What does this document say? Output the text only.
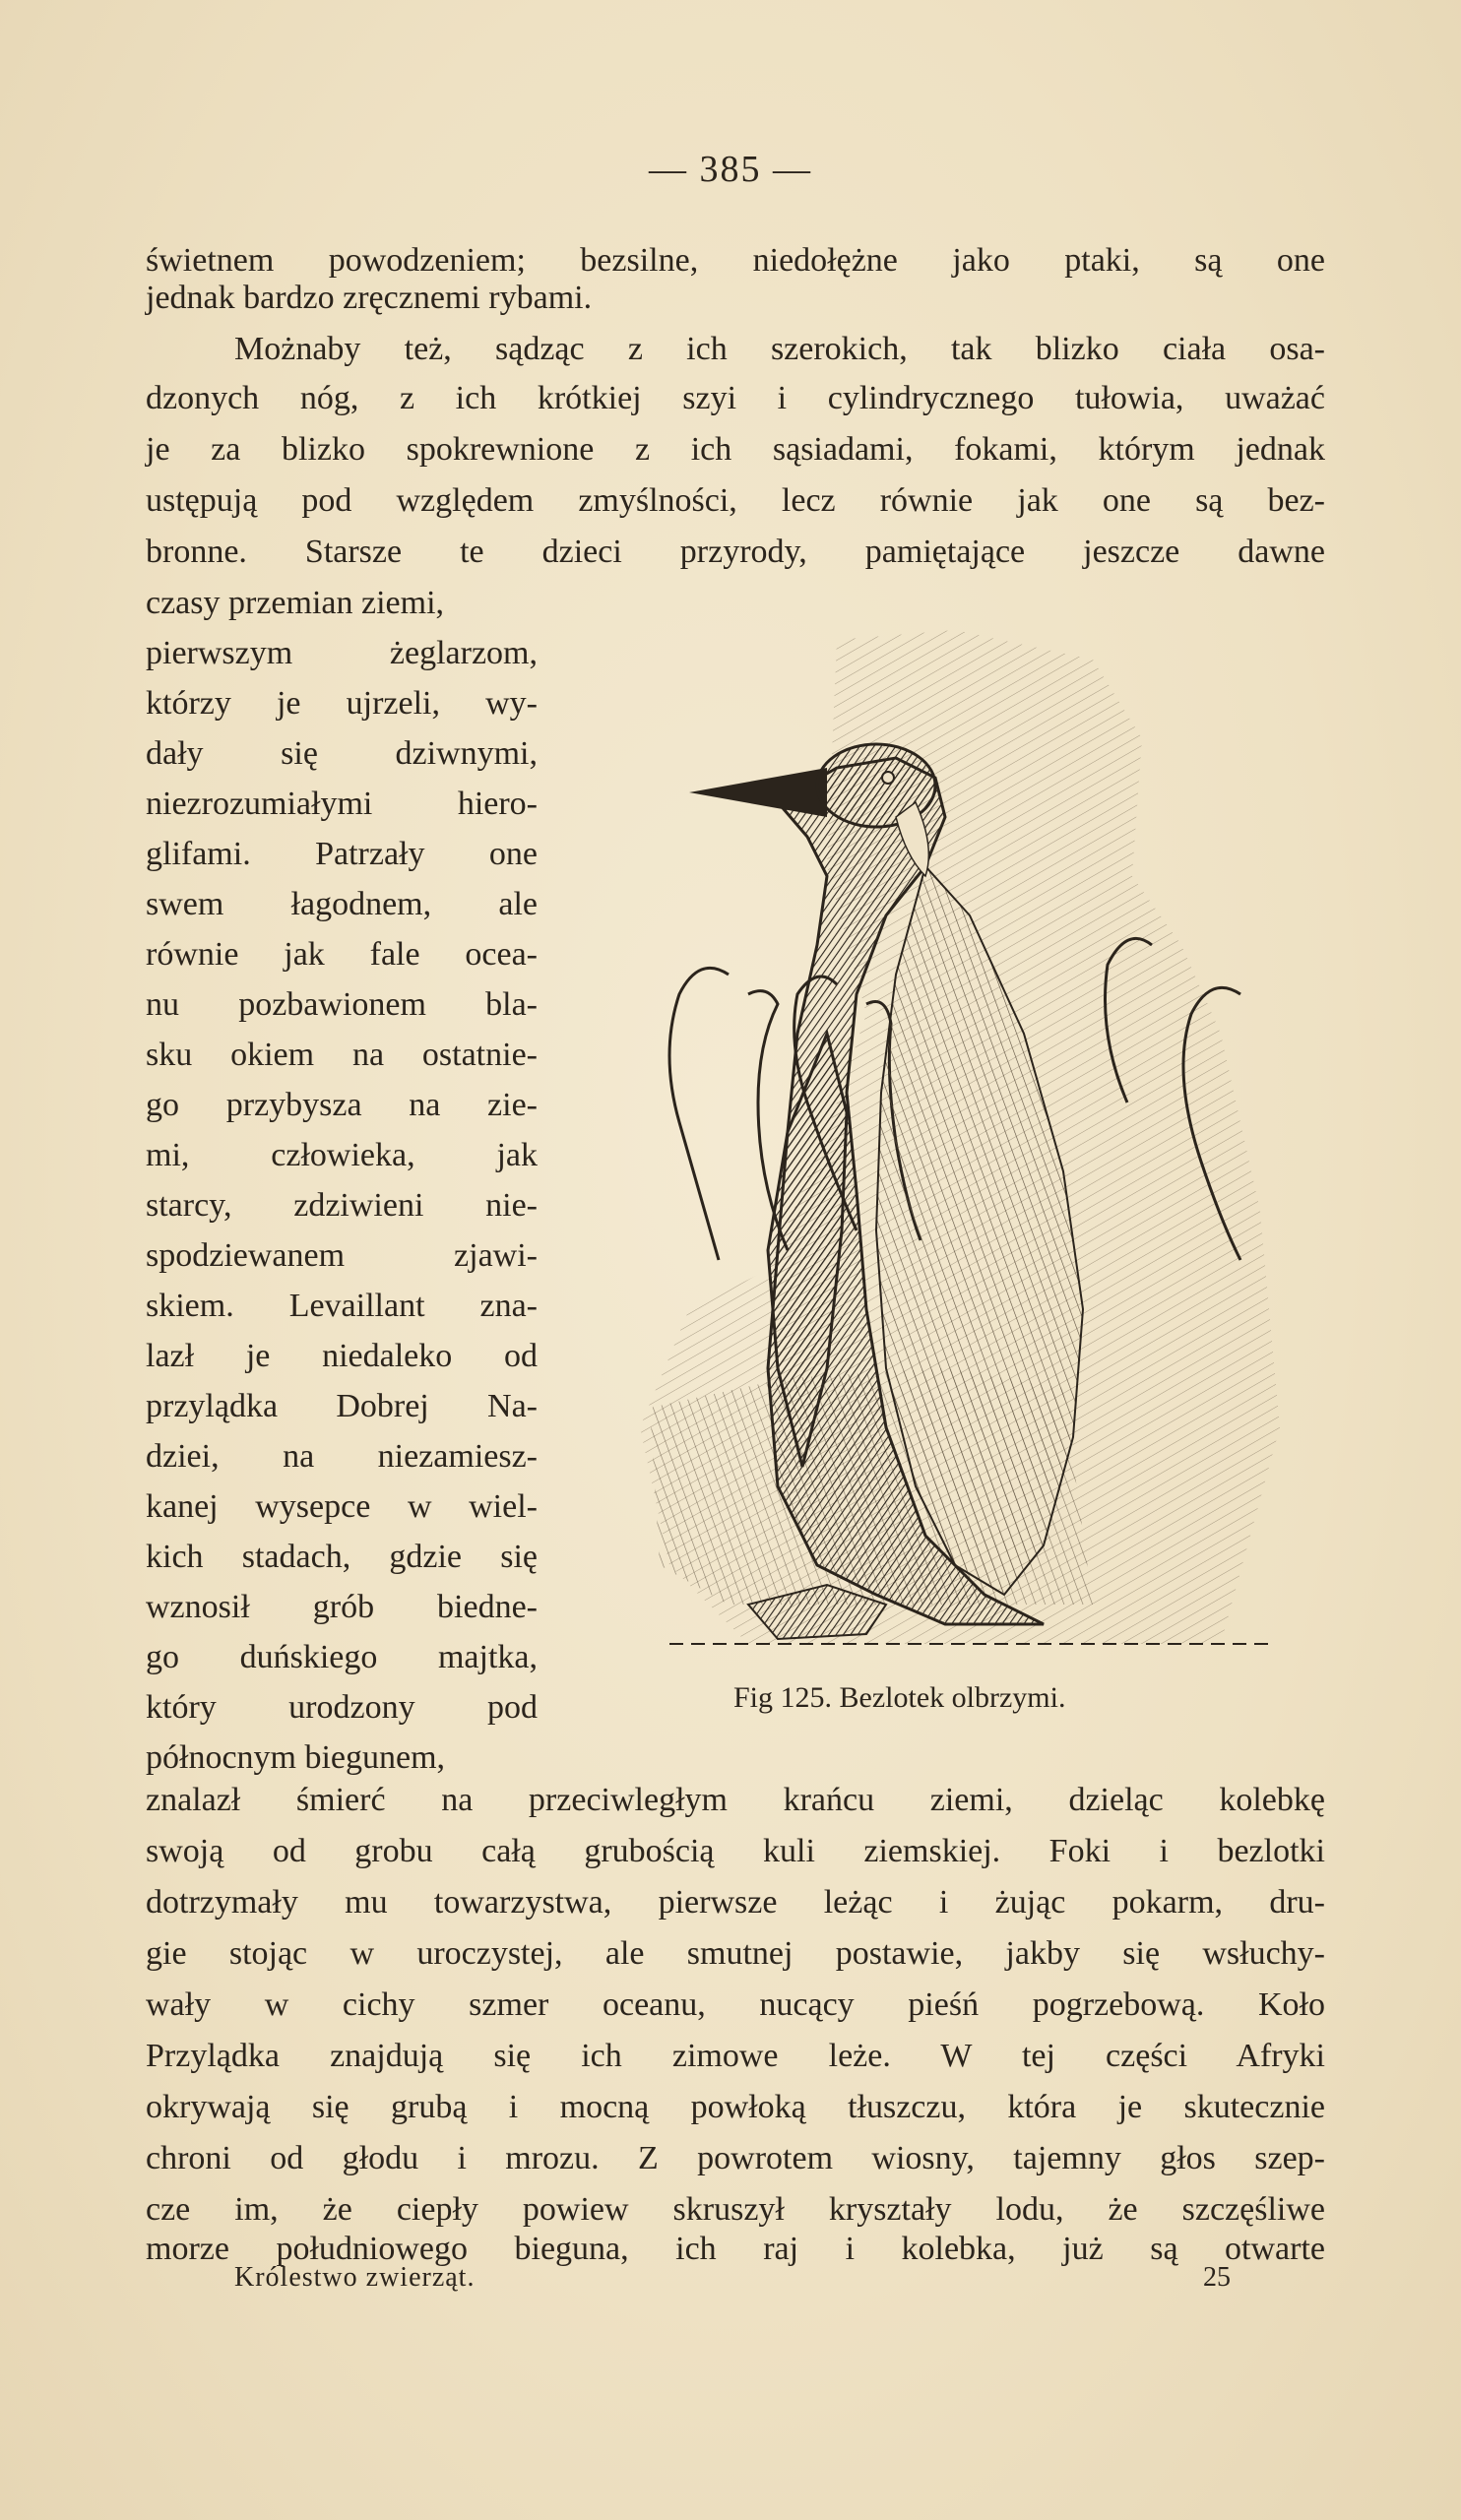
— 385 —
świetnem powodzeniem; bezsilne, niedołężne jako ptaki, są one
jednak bardzo zręcznemi rybami.
Możnaby też, sądząc z ich szerokich, tak blizko ciała osa-
dzonych nóg, z ich krótkiej szyi i cylindrycznego tułowia, uważać
je za blizko spokrewnione z ich sąsiadami, fokami, którym jednak
ustępują pod względem zmyślności, lecz równie jak one są bez-
bronne. Starsze te dzieci przyrody, pamiętające jeszcze dawne
czasy przemian ziemi,
pierwszym żeglarzom,
którzy je ujrzeli, wy-
dały się dziwnymi,
niezrozumiałymi hiero-
glifami. Patrzały one
swem łagodnem, ale
równie jak fale ocea-
nu pozbawionem bla-
sku okiem na ostatnie-
go przybysza na zie-
mi, człowieka, jak
starcy, zdziwieni nie-
spodziewanem zjawi-
skiem. Levaillant zna-
lazł je niedaleko od
przylądka Dobrej Na-
dziei, na niezamiesz-
kanej wysepce w wiel-
kich stadach, gdzie się
wznosił grób biedne-
go duńskiego majtka,
który urodzony pod
północnym biegunem,
znalazł śmierć na przeciwległym krańcu ziemi, dzieląc kolebkę
swoją od grobu całą grubością kuli ziemskiej. Foki i bezlotki
dotrzymały mu towarzystwa, pierwsze leżąc i żując pokarm, dru-
gie stojąc w uroczystej, ale smutnej postawie, jakby się wsłuchy-
wały w cichy szmer oceanu, nucący pieśń pogrzebową. Koło
Przylądka znajdują się ich zimowe leże. W tej części Afryki
okrywają się grubą i mocną powłoką tłuszczu, która je skutecznie
chroni od głodu i mrozu. Z powrotem wiosny, tajemny głos szep-
cze im, że ciepły powiew skruszył kryształy lodu, że szczęśliwe
morze południowego bieguna, ich raj i kolebka, już są otwarte
Fig 125. Bezlotek olbrzymi.
Królestwo zwierząt.	25
